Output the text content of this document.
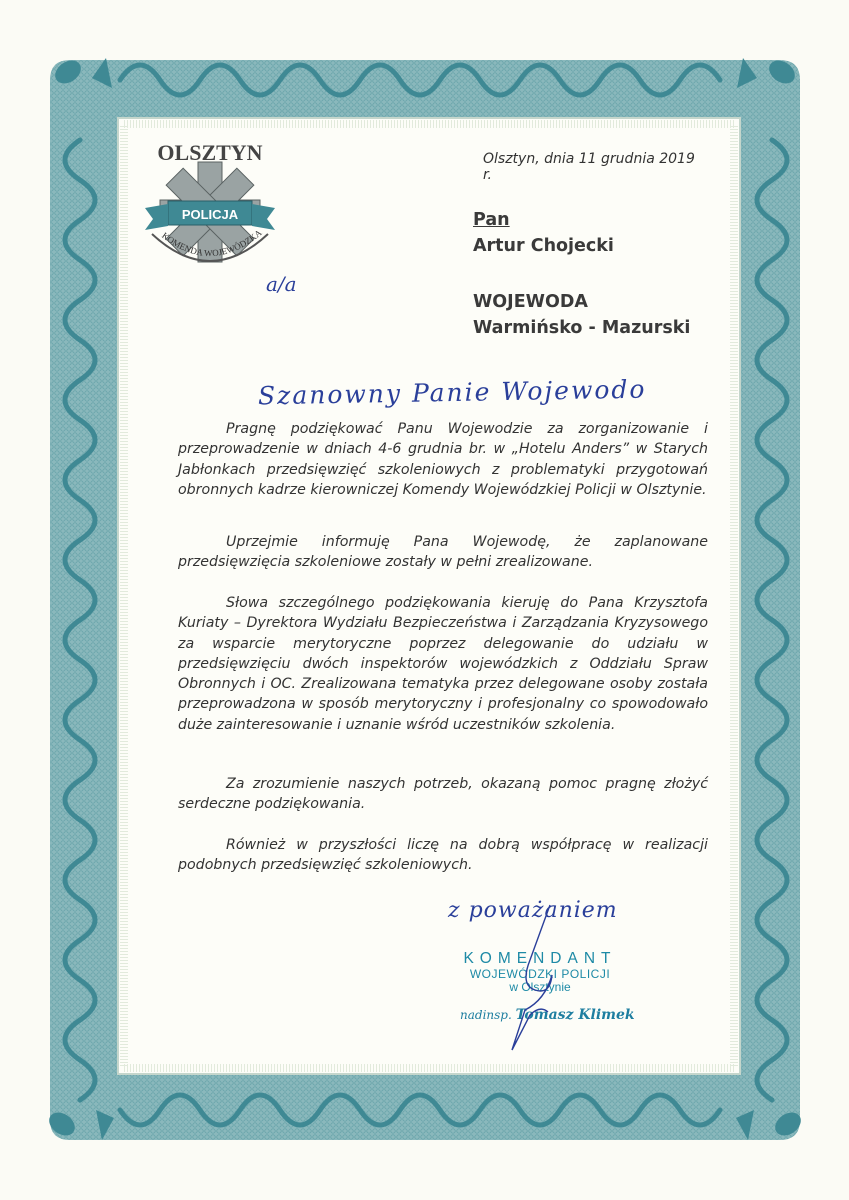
OLSZTYN
POLICJA
KOMENDA WOJEWÓDZKA
Olsztyn, dnia 11 grudnia 2019 r.
Pan
Artur Chojecki
WOJEWODA
Warmińsko - Mazurski
a/a
Szanowny Panie Wojewodo

Pragnę podziękować Panu Wojewodzie za zorganizowanie i przeprowadzenie w dniach 4-6 grudnia br. w „Hotelu Anders” w Starych Jabłonkach przedsięwzięć szkoleniowych z problematyki przygotowań obronnych kadrze kierowniczej Komendy Wojewódzkiej Policji w Olsztynie.

Uprzejmie informuję Pana Wojewodę, że zaplanowane przedsięwzięcia szkoleniowe zostały w pełni zrealizowane.

Słowa szczególnego podziękowania kieruję do Pana Krzysztofa Kuriaty – Dyrektora Wydziału Bezpieczeństwa i Zarządzania Kryzysowego za wsparcie merytoryczne poprzez delegowanie do udziału w przedsięwzięciu dwóch inspektorów wojewódzkich z Oddziału Spraw Obronnych i OC. Zrealizowana tematyka przez delegowane osoby została przeprowadzona w sposób merytoryczny i profesjonalny co spowodowało duże zainteresowanie i uznanie wśród uczestników szkolenia.

Za zrozumienie naszych potrzeb, okazaną pomoc pragnę złożyć serdeczne podziękowania.

Również w przyszłości liczę na dobrą współpracę w realizacji podobnych przedsięwzięć szkoleniowych.

z poważaniem
KOMENDANT
WOJEWÓDZKI POLICJI
w Olsztynie
nadinsp. Tomasz Klimek
